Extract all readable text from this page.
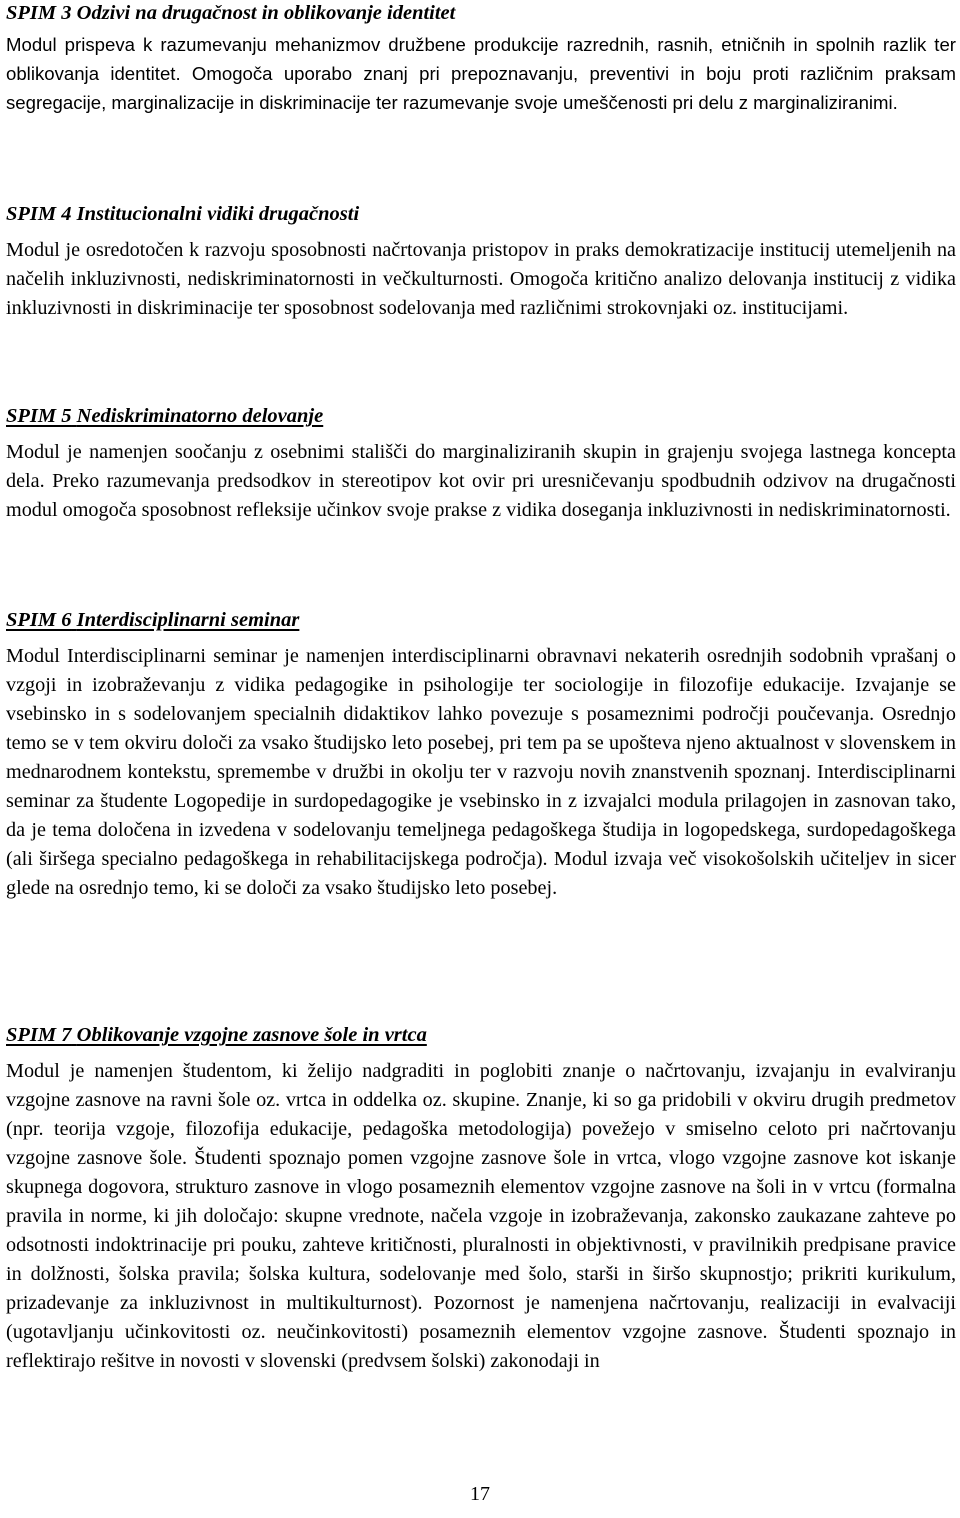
SPIM 3 Odzivi na drugačnost in oblikovanje identitet

Modul prispeva k razumevanju mehanizmov družbene produkcije razrednih, rasnih, etničnih in spolnih razlik ter oblikovanja identitet. Omogoča uporabo znanj pri prepoznavanju, preventivi in boju proti različnim praksam segregacije, marginalizacije in diskriminacije ter razumevanje svoje umeščenosti pri delu z marginaliziranimi.

SPIM 4 Institucionalni vidiki drugačnosti

Modul je osredotočen k razvoju sposobnosti načrtovanja pristopov in praks demokratizacije institucij utemeljenih na načelih inkluzivnosti, nediskriminatornosti in večkulturnosti. Omogoča kritično analizo delovanja institucij z vidika inkluzivnosti in diskriminacije ter sposobnost sodelovanja med različnimi strokovnjaki oz. institucijami.

SPIM 5 Nediskriminatorno delovanje

Modul je namenjen soočanju z osebnimi stališči do marginaliziranih skupin in grajenju svojega lastnega koncepta dela. Preko razumevanja predsodkov in stereotipov kot ovir pri uresničevanju spodbudnih odzivov na drugačnosti modul omogoča sposobnost refleksije učinkov svoje prakse z vidika doseganja inkluzivnosti in nediskriminatornosti.

SPIM 6 Interdisciplinarni seminar

Modul Interdisciplinarni seminar je namenjen interdisciplinarni obravnavi nekaterih osrednjih sodobnih vprašanj o vzgoji in izobraževanju z vidika pedagogike in psihologije ter sociologije in filozofije edukacije. Izvajanje se vsebinsko in s sodelovanjem specialnih didaktikov lahko povezuje s posameznimi področji poučevanja. Osrednjo temo se v tem okviru določi za vsako študijsko leto posebej, pri tem pa se upošteva njeno aktualnost v slovenskem in mednarodnem kontekstu, spremembe v družbi in okolju ter v razvoju novih znanstvenih spoznanj. Interdisciplinarni seminar za študente Logopedije in surdopedagogike je vsebinsko in z izvajalci modula prilagojen in zasnovan tako, da je tema določena in izvedena v sodelovanju temeljnega pedagoškega študija in logopedskega, surdopedagoškega (ali širšega specialno pedagoškega in rehabilitacijskega področja). Modul izvaja več visokošolskih učiteljev in sicer glede na osrednjo temo, ki se določi za vsako študijsko leto posebej.

SPIM 7 Oblikovanje vzgojne zasnove šole in vrtca

Modul je namenjen študentom, ki želijo nadgraditi in poglobiti znanje o načrtovanju, izvajanju in evalviranju vzgojne zasnove na ravni šole oz. vrtca in oddelka oz. skupine. Znanje, ki so ga pridobili v okviru drugih predmetov (npr. teorija vzgoje, filozofija edukacije, pedagoška metodologija) povežejo v smiselno celoto pri načrtovanju vzgojne zasnove šole. Študenti spoznajo pomen vzgojne zasnove šole in vrtca, vlogo vzgojne zasnove kot iskanje skupnega dogovora, strukturo zasnove in vlogo posameznih elementov vzgojne zasnove na šoli in v vrtcu (formalna pravila in norme, ki jih določajo: skupne vrednote, načela vzgoje in izobraževanja, zakonsko zaukazane zahteve po odsotnosti indoktrinacije pri pouku, zahteve kritičnosti, pluralnosti in objektivnosti, v pravilnikih predpisane pravice in dolžnosti, šolska pravila; šolska kultura, sodelovanje med šolo, starši in širšo skupnostjo; prikriti kurikulum, prizadevanje za inkluzivnost in multikulturnost). Pozornost je namenjena načrtovanju, realizaciji in evalvaciji (ugotavljanju učinkovitosti oz. neučinkovitosti) posameznih elementov vzgojne zasnove. Študenti spoznajo in reflektirajo rešitve in novosti v slovenski (predvsem šolski) zakonodaji in

17
